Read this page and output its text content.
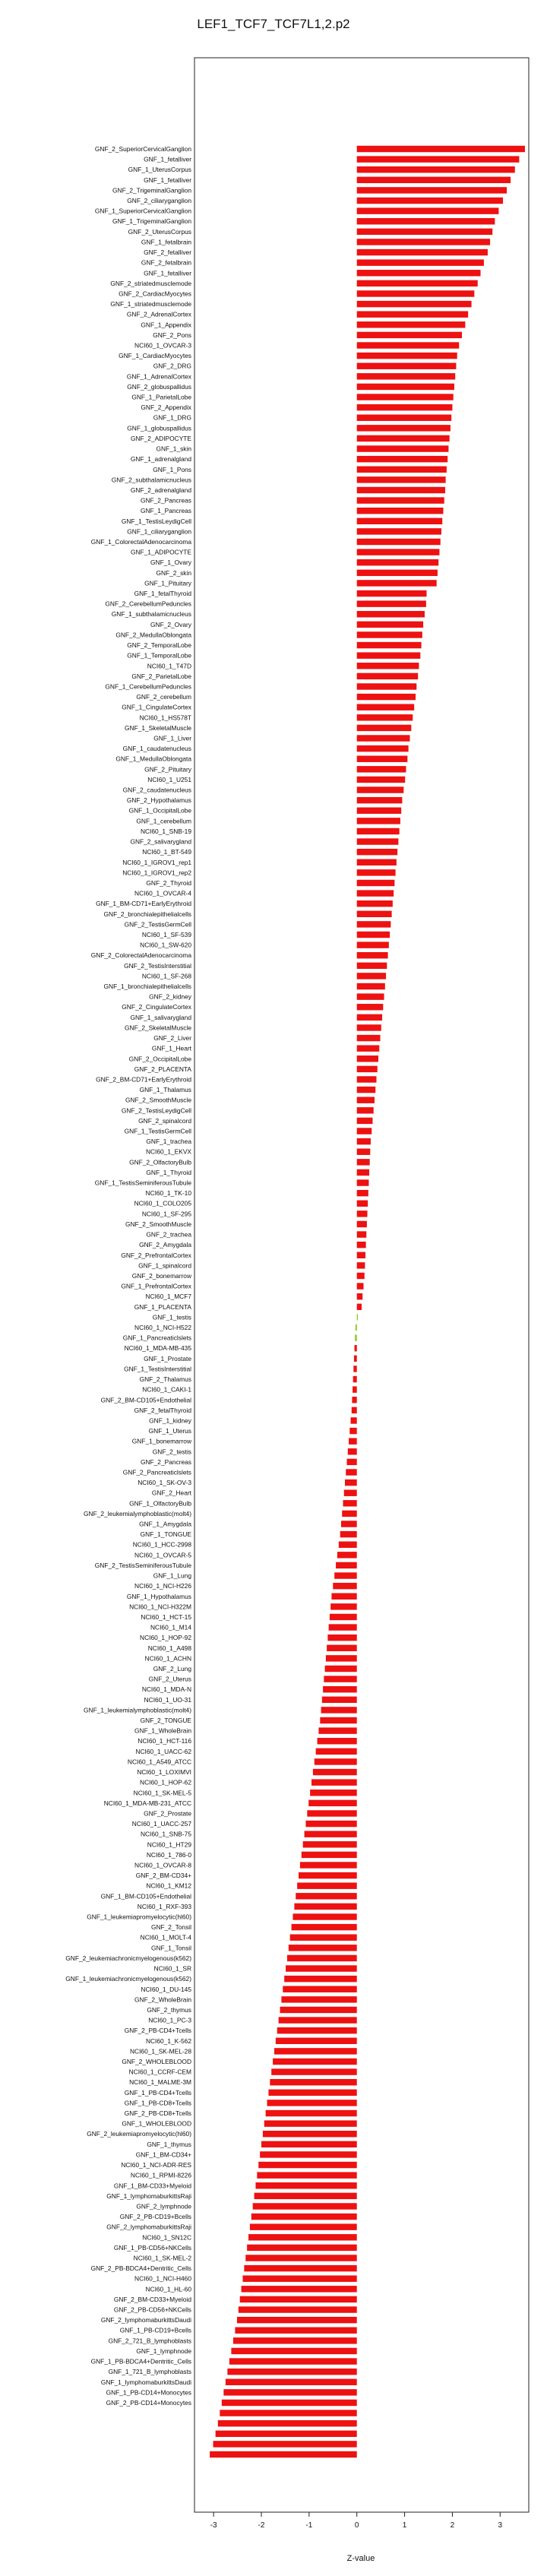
LEF1_TCF7_TCF7L1,2.p2
GNF_2_SuperiorCervicalGanglion
GNF_1_fetalliver
GNF_1_UterusCorpus
GNF_1_fetalliver
GNF_2_TrigeminalGanglion
GNF_2_ciliaryganglion
GNF_1_SuperiorCervicalGanglion
GNF_1_TrigeminalGanglion
GNF_2_UterusCorpus
GNF_1_fetalbrain
GNF_2_fetalliver
GNF_2_fetalbrain
GNF_1_fetalliver
GNF_2_striatedmusclemode
GNF_2_CardiacMyocytes
GNF_1_striatedmusclemode
GNF_2_AdrenalCortex
GNF_1_Appendix
GNF_2_Pons
NCI60_1_OVCAR-3
GNF_1_CardiacMyocytes
GNF_2_DRG
GNF_1_AdrenalCortex
GNF_2_globuspallidus
GNF_1_ParietalLobe
GNF_2_Appendix
GNF_1_DRG
GNF_1_globuspallidus
GNF_2_ADIPOCYTE
GNF_1_skin
GNF_1_adrenalgland
GNF_1_Pons
GNF_2_subthalamicnucleus
GNF_2_adrenalgland
GNF_2_Pancreas
GNF_1_Pancreas
GNF_1_TestisLeydigCell
GNF_1_ciliaryganglion
GNF_1_ColorectalAdenocarcinoma
GNF_1_ADIPOCYTE
GNF_1_Ovary
GNF_2_skin
GNF_1_Pituitary
GNF_1_fetalThyroid
GNF_2_CerebellumPeduncles
GNF_1_subthalamicnucleus
GNF_2_Ovary
GNF_2_MedullaOblongata
GNF_2_TemporalLobe
GNF_1_TemporalLobe
NCI60_1_T47D
GNF_2_ParietalLobe
GNF_1_CerebellumPeduncles
GNF_2_cerebellum
GNF_1_CingulateCortex
NCI60_1_HS578T
GNF_1_SkeletalMuscle
GNF_1_Liver
GNF_1_caudatenucleus
GNF_1_MedullaOblongata
GNF_2_Pituitary
NCI60_1_U251
GNF_2_caudatenucleus
GNF_2_Hypothalamus
GNF_1_OccipitalLobe
GNF_1_cerebellum
NCI60_1_SNB-19
GNF_2_salivarygland
NCI60_1_BT-549
NCI60_1_IGROV1_rep1
NCI60_1_IGROV1_rep2
GNF_2_Thyroid
NCI60_1_OVCAR-4
GNF_1_BM-CD71+EarlyErythroid
GNF_2_bronchialepithelialcells
GNF_2_TestisGermCell
NCI60_1_SF-539
NCI60_1_SW-620
GNF_2_ColorectalAdenocarcinoma
GNF_2_TestisInterstitial
NCI60_1_SF-268
GNF_1_bronchialepithelialcells
GNF_2_kidney
GNF_2_CingulateCortex
GNF_1_salivarygland
GNF_2_SkeletalMuscle
GNF_2_Liver
GNF_1_Heart
GNF_2_OccipitalLobe
GNF_2_PLACENTA
GNF_2_BM-CD71+EarlyErythroid
GNF_1_Thalamus
GNF_2_SmoothMuscle
GNF_2_TestisLeydigCell
GNF_2_spinalcord
GNF_1_TestisGermCell
GNF_1_trachea
NCI60_1_EKVX
GNF_2_OlfactoryBulb
GNF_1_Thyroid
GNF_1_TestisSeminiferousTubule
NCI60_1_TK-10
NCI60_1_COLO205
NCI60_1_SF-295
GNF_2_SmoothMuscle
GNF_2_trachea
GNF_2_Amygdala
GNF_2_PrefrontalCortex
GNF_1_spinalcord
GNF_2_bonemarrow
GNF_1_PrefrontalCortex
NCI60_1_MCF7
GNF_1_PLACENTA
GNF_1_testis
NCI60_1_NCI-H522
GNF_1_Pancreaticlslets
NCI60_1_MDA-MB-435
GNF_1_Prostate
GNF_1_TestisInterstitial
GNF_2_Thalamus
NCI60_1_CAKI-1
GNF_2_BM-CD105+Endothelial
GNF_2_fetalThyroid
GNF_1_kidney
GNF_1_Uterus
GNF_1_bonemarrow
GNF_2_testis
GNF_2_Pancreas
GNF_2_Pancreaticlslets
NCI60_1_SK-OV-3
GNF_2_Heart
GNF_1_OlfactoryBulb
GNF_2_leukemialymphoblastic(molt4)
GNF_1_Amygdala
GNF_1_TONGUE
NCI60_1_HCC-2998
NCI60_1_OVCAR-5
GNF_2_TestisSeminiferousTubule
GNF_1_Lung
NCI60_1_NCI-H226
GNF_1_Hypothalamus
NCI60_1_NCI-H322M
NCI60_1_HCT-15
NCI60_1_M14
NCI60_1_HOP-92
NCI60_1_A498
NCI60_1_ACHN
GNF_2_Lung
GNF_2_Uterus
NCI60_1_MDA-N
NCI60_1_UO-31
GNF_1_leukemialymphoblastic(molt4)
GNF_2_TONGUE
GNF_1_WholeBrain
NCI60_1_HCT-116
NCI60_1_UACC-62
NCI60_1_A549_ATCC
NCI60_1_LOXIMVI
NCI60_1_HOP-62
NCI60_1_SK-MEL-5
NCI60_1_MDA-MB-231_ATCC
GNF_2_Prostate
NCI60_1_UACC-257
NCI60_1_SNB-75
NCI60_1_HT29
NCI60_1_786-0
NCI60_1_OVCAR-8
GNF_2_BM-CD34+
NCI60_1_KM12
GNF_1_BM-CD105+Endothelial
NCI60_1_RXF-393
GNF_1_leukemiapromyelocytic(hl60)
GNF_2_Tonsil
NCI60_1_MOLT-4
GNF_1_Tonsil
GNF_2_leukemiachronicmyelogenous(k562)
NCI60_1_SR
GNF_1_leukemiachronicmyelogenous(k562)
NCI60_1_DU-145
GNF_2_WholeBrain
GNF_2_thymus
NCI60_1_PC-3
GNF_2_PB-CD4+Tcells
NCI60_1_K-562
NCI60_1_SK-MEL-28
GNF_2_WHOLEBLOOD
NCI60_1_CCRF-CEM
NCI60_1_MALME-3M
GNF_1_PB-CD4+Tcells
GNF_1_PB-CD8+Tcells
GNF_2_PB-CD8+Tcells
GNF_1_WHOLEBLOOD
GNF_2_leukemiapromyelocytic(hl60)
GNF_1_thymus
GNF_1_BM-CD34+
NCI60_1_NCI-ADR-RES
NCI60_1_RPMI-8226
GNF_1_BM-CD33+Myeloid
GNF_1_lymphomaburkittsRaji
GNF_2_lymphnode
GNF_2_PB-CD19+Bcells
GNF_2_lymphomaburkittsRaji
NCI60_1_SN12C
GNF_1_PB-CD56+NKCells
NCI60_1_SK-MEL-2
GNF_2_PB-BDCA4+Dentritic_Cells
NCI60_1_NCI-H460
NCI60_1_HL-60
GNF_2_BM-CD33+Myeloid
GNF_2_PB-CD56+NKCells
GNF_2_lymphomaburkittsDaudi
GNF_1_PB-CD19+Bcells
GNF_2_721_B_lymphoblasts
GNF_1_lymphnode
GNF_1_PB-BDCA4+Dentritic_Cells
GNF_1_721_B_lymphoblasts
GNF_1_lymphomaburkittsDaudi
GNF_1_PB-CD14+Monocytes
GNF_2_PB-CD14+Monocytes
-3	-2	-1	0	1	2	3
Z-value
